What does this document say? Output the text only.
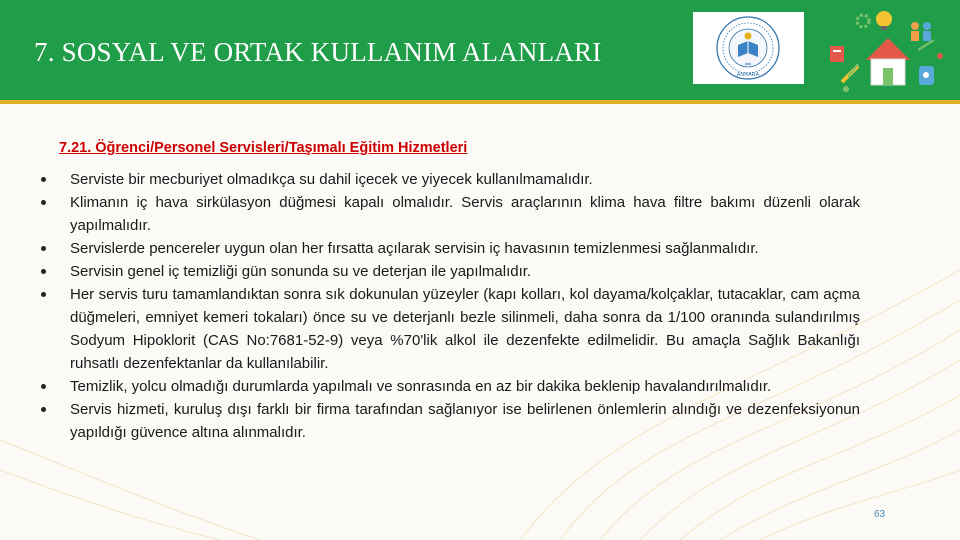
7. SOSYAL VE ORTAK KULLANIM ALANLARI
ANKARA
7.21. Öğrenci/Personel Servisleri/Taşımalı Eğitim Hizmetleri
Serviste bir mecburiyet olmadıkça su dahil içecek ve yiyecek kullanılmamalıdır.
Klimanın iç hava sirkülasyon düğmesi kapalı olmalıdır. Servis araçlarının klima hava filtre bakımı düzenli olarak yapılmalıdır.
Servislerde pencereler uygun olan her fırsatta açılarak servisin iç havasının temizlenmesi sağlanmalıdır.
Servisin genel iç temizliği gün sonunda su ve deterjan ile yapılmalıdır.
Her servis turu tamamlandıktan sonra sık dokunulan yüzeyler (kapı kolları, kol dayama/kolçaklar, tutacaklar, cam açma düğmeleri, emniyet kemeri tokaları) önce su ve deterjanlı bezle silinmeli, daha sonra da 1/100 oranında sulandırılmış Sodyum Hipoklorit (CAS No:7681-52-9) veya %70'lik alkol ile dezenfekte edilmelidir. Bu amaçla Sağlık Bakanlığı ruhsatlı dezenfektanlar da kullanılabilir.
Temizlik, yolcu olmadığı durumlarda yapılmalı ve sonrasında en az bir dakika beklenip havalandırılmalıdır.
Servis hizmeti, kuruluş dışı farklı bir firma tarafından sağlanıyor ise belirlenen önlemlerin alındığı ve dezenfeksiyonun yapıldığı güvence altına alınmalıdır.
63
